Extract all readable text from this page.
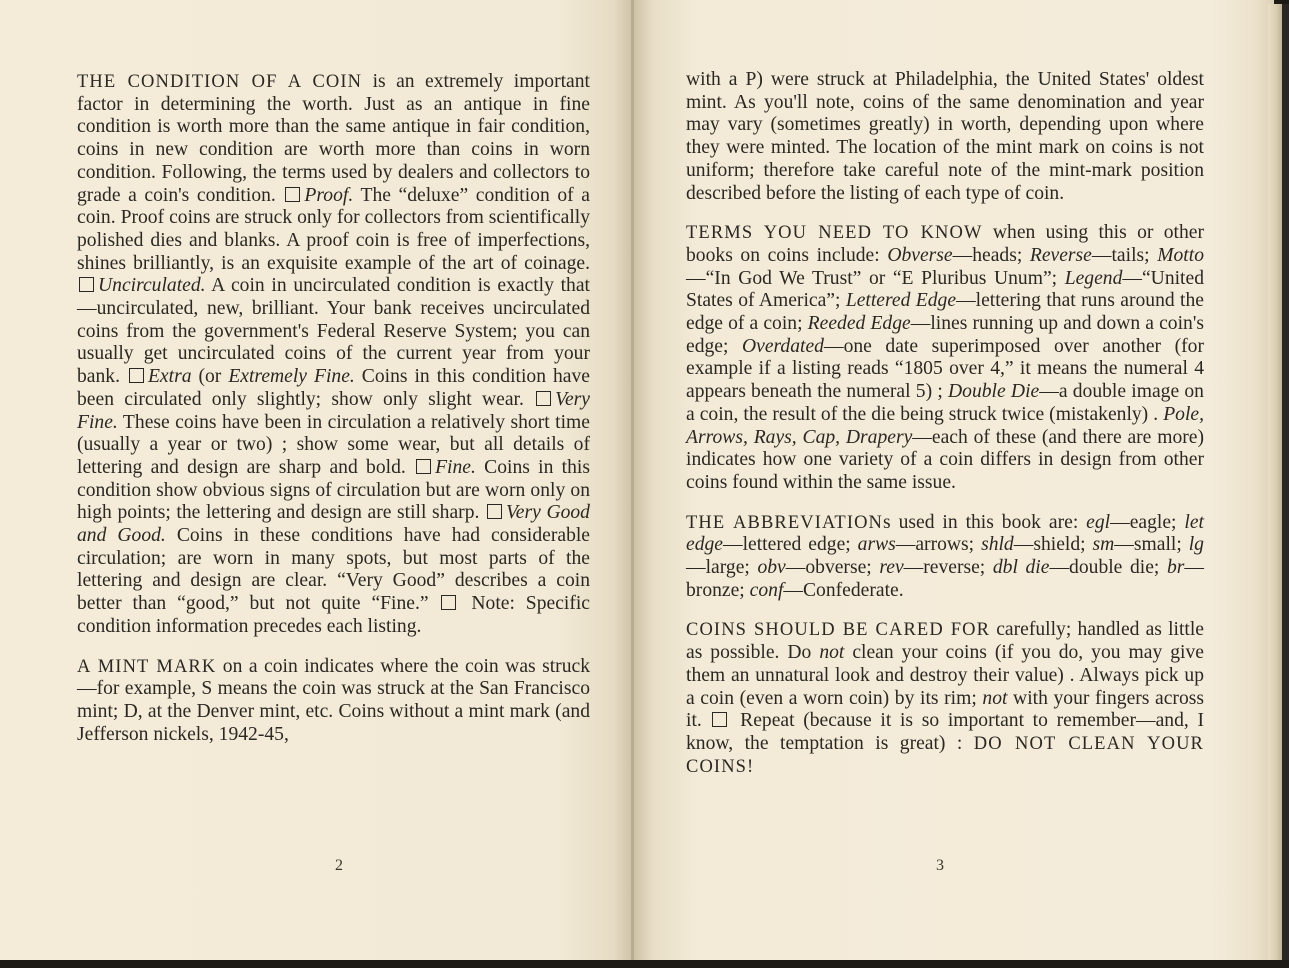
THE CONDITION OF A COIN is an extremely important factor in determining the worth. Just as an antique in fine condition is worth more than the same antique in fair condition, coins in new condition are worth more than coins in worn condition. Following, the terms used by dealers and collectors to grade a coin's condition. Proof. The “deluxe” condition of a coin. Proof coins are struck only for collectors from scientifically polished dies and blanks. A proof coin is free of imperfections, shines brilliantly, is an exquisite example of the art of coinage. Uncirculated. A coin in uncirculated condition is exactly that—uncirculated, new, brilliant. Your bank receives uncirculated coins from the government's Federal Reserve System; you can usually get uncirculated coins of the current year from your bank. Extra (or Extremely Fine. Coins in this condition have been circulated only slightly; show only slight wear. Very Fine. These coins have been in circulation a relatively short time (usually a year or two) ; show some wear, but all details of lettering and design are sharp and bold. Fine. Coins in this condition show obvious signs of circulation but are worn only on high points; the lettering and design are still sharp. Very Good and Good. Coins in these conditions have had considerable circulation; are worn in many spots, but most parts of the lettering and design are clear. “Very Good” describes a coin better than “good,” but not quite “Fine.”  Note: Specific condition information precedes each listing.

A MINT MARK on a coin indicates where the coin was struck—for example, S means the coin was struck at the San Francisco mint; D, at the Denver mint, etc. Coins without a mint mark (and Jefferson nickels, 1942-45,

2

with a P) were struck at Philadelphia, the United States' oldest mint. As you'll note, coins of the same denomination and year may vary (sometimes greatly) in worth, depending upon where they were minted. The location of the mint mark on coins is not uniform; therefore take careful note of the mint-mark position described before the listing of each type of coin.

TERMS YOU NEED TO KNOW when using this or other books on coins include: Obverse—heads; Reverse—tails; Motto—“In God We Trust” or “E Pluribus Unum”; Legend—“United States of America”; Lettered Edge—lettering that runs around the edge of a coin; Reeded Edge—lines running up and down a coin's edge; Overdated—one date superimposed over another (for example if a listing reads “1805 over 4,” it means the numeral 4 appears beneath the numeral 5) ; Double Die—a double image on a coin, the result of the die being struck twice (mistakenly) . Pole, Arrows, Rays, Cap, Drapery—each of these (and there are more) indicates how one variety of a coin differs in design from other coins found within the same issue.

THE ABBREVIATIONs used in this book are: egl—eagle; let edge—lettered edge; arws—arrows; shld—shield; sm—small; lg—large; obv—obverse; rev—reverse; dbl die—double die; br—bronze; conf—Confederate.

COINS SHOULD BE CARED FOR carefully; handled as little as possible. Do not clean your coins (if you do, you may give them an unnatural look and destroy their value) . Always pick up a coin (even a worn coin) by its rim; not with your fingers across it.  Repeat (because it is so important to remember—and, I know, the temptation is great) : DO NOT CLEAN YOUR COINS!

3
